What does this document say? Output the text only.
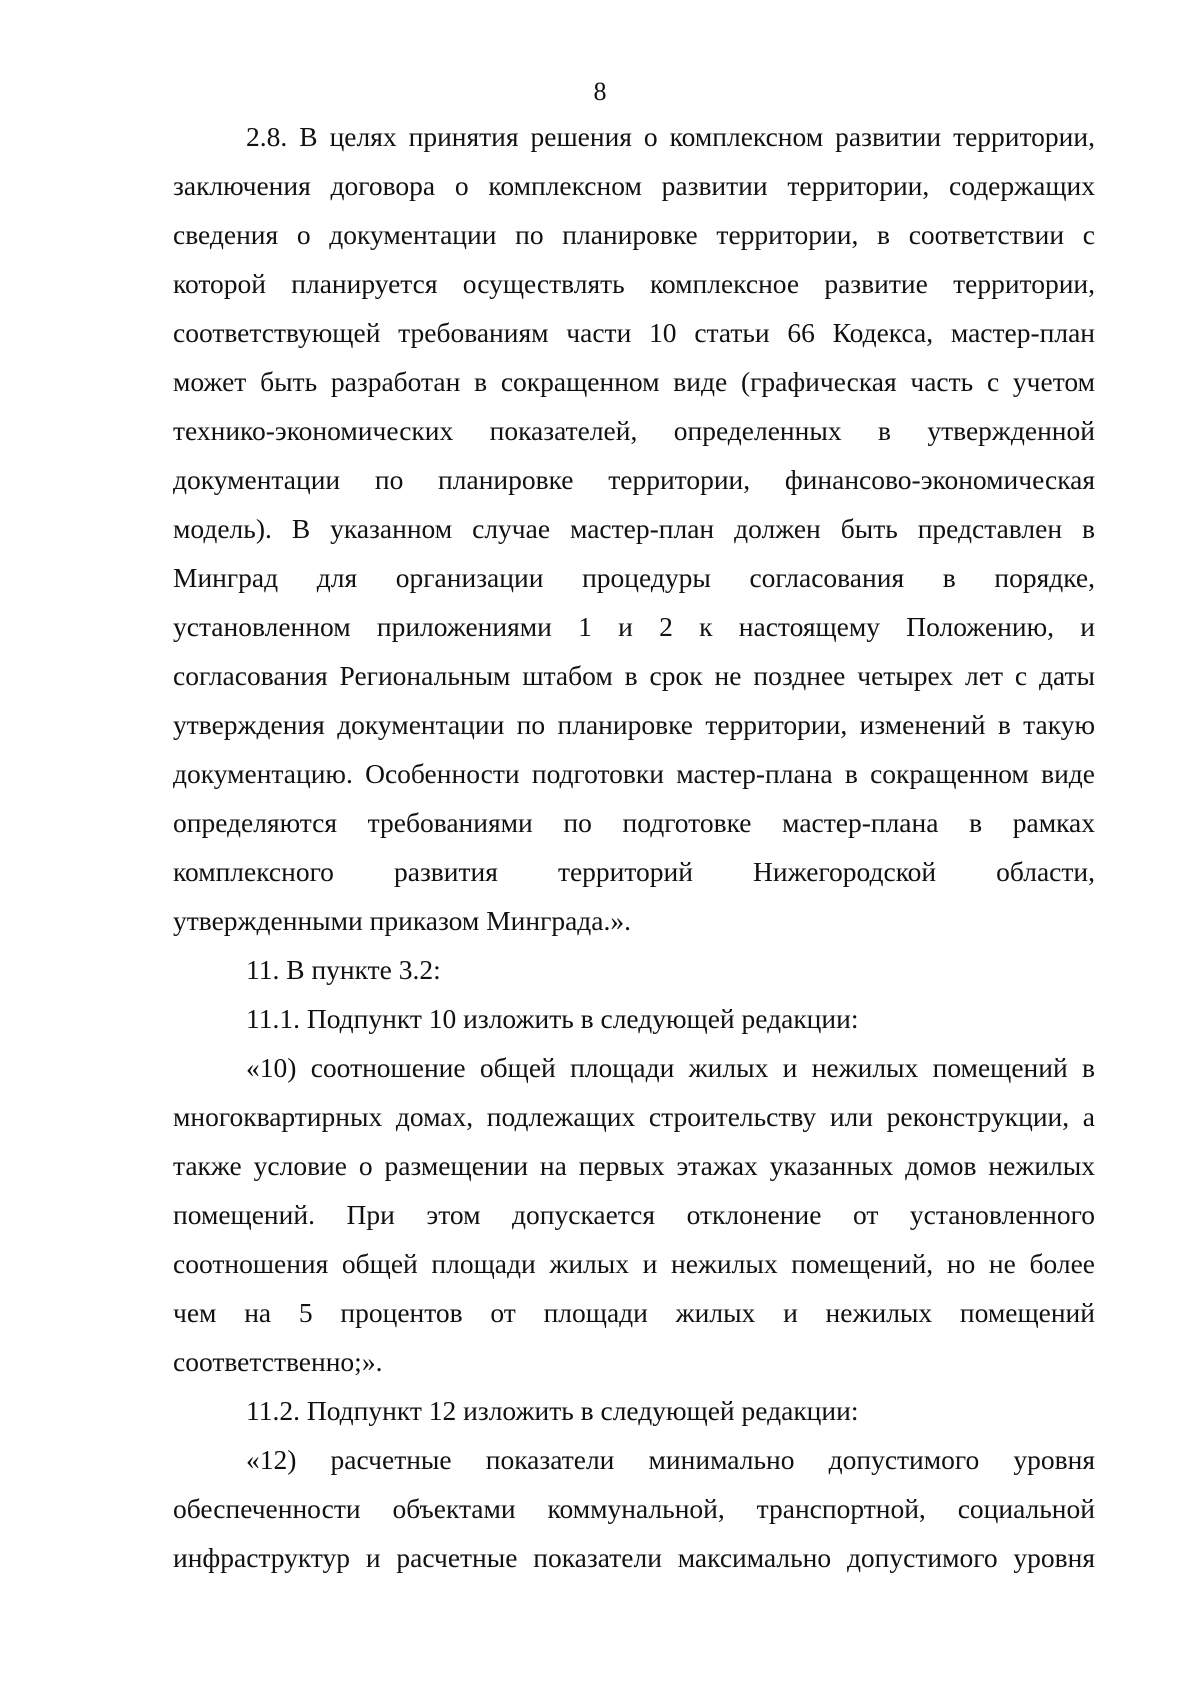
8

2.8. В целях принятия решения о комплексном развитии территории,
заключения договора о комплексном развитии территории, содержащих
сведения о документации по планировке территории, в соответствии с
которой планируется осуществлять комплексное развитие территории,
соответствующей требованиям части 10 статьи 66 Кодекса, мастер-план
может быть разработан в сокращенном виде (графическая часть с учетом
технико-экономических показателей, определенных в утвержденной
документации по планировке территории, финансово-экономическая
модель). В указанном случае мастер-план должен быть представлен в
Минград для организации процедуры согласования в порядке,
установленном приложениями 1 и 2 к настоящему Положению, и
согласования Региональным штабом в срок не позднее четырех лет с даты
утверждения документации по планировке территории, изменений в такую
документацию. Особенности подготовки мастер-плана в сокращенном виде
определяются требованиями по подготовке мастер-плана в рамках
комплексного развития территорий Нижегородской области,
утвержденными приказом Минграда.».

11. В пункте 3.2:

11.1. Подпункт 10 изложить в следующей редакции:

«10) соотношение общей площади жилых и нежилых помещений в
многоквартирных домах, подлежащих строительству или реконструкции, а
также условие о размещении на первых этажах указанных домов нежилых
помещений. При этом допускается отклонение от установленного
соотношения общей площади жилых и нежилых помещений, но не более
чем на 5 процентов от площади жилых и нежилых помещений
соответственно;».

11.2. Подпункт 12 изложить в следующей редакции:

«12) расчетные показатели минимально допустимого уровня
обеспеченности объектами коммунальной, транспортной, социальной
инфраструктур и расчетные показатели максимально допустимого уровня
